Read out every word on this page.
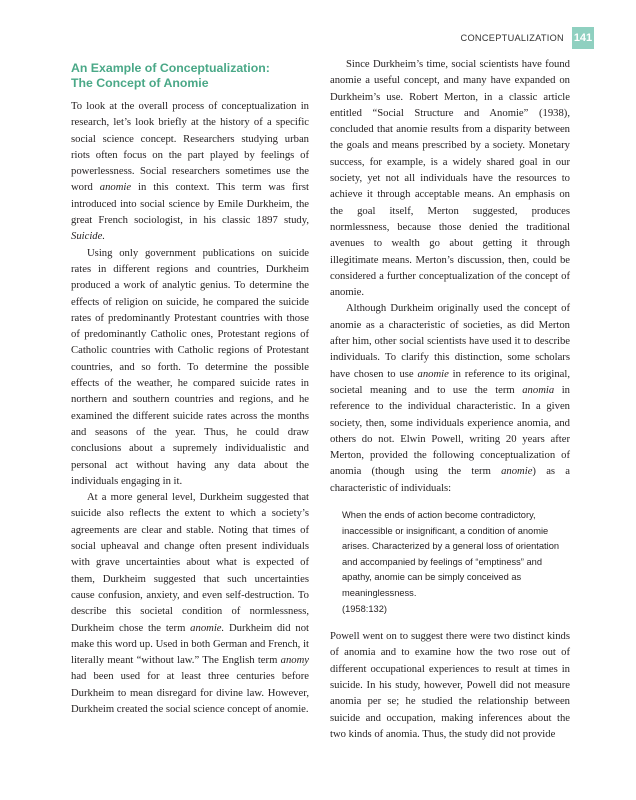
CONCEPTUALIZATION 141
An Example of Conceptualization:
The Concept of Anomie

To look at the overall process of conceptualization in research, let’s look briefly at the history of a specific social science concept. Researchers studying urban riots often focus on the part played by feelings of powerlessness. Social researchers sometimes use the word anomie in this context. This term was first introduced into social science by Emile Durkheim, the great French sociologist, in his classic 1897 study, Suicide.

Using only government publications on suicide rates in different regions and countries, Durkheim produced a work of analytic genius. To determine the effects of religion on suicide, he compared the suicide rates of predominantly Protestant countries with those of predominantly Catholic ones, Protestant regions of Catholic countries with Catholic regions of Protestant countries, and so forth. To determine the possible effects of the weather, he compared suicide rates in northern and southern countries and regions, and he examined the different suicide rates across the months and seasons of the year. Thus, he could draw conclusions about a supremely individualistic and personal act without having any data about the individuals engaging in it.

At a more general level, Durkheim suggested that suicide also reflects the extent to which a society’s agreements are clear and stable. Noting that times of social upheaval and change often present individuals with grave uncertainties about what is expected of them, Durkheim suggested that such uncertainties cause confusion, anxiety, and even self-destruction. To describe this societal condition of normlessness, Durkheim chose the term anomie. Durkheim did not make this word up. Used in both German and French, it literally meant “without law.” The English term anomy had been used for at least three centuries before Durkheim to mean disregard for divine law. However, Durkheim created the social science concept of anomie.

Since Durkheim’s time, social scientists have found anomie a useful concept, and many have expanded on Durkheim’s use. Robert Merton, in a classic article entitled “Social Structure and Anomie” (1938), concluded that anomie results from a disparity between the goals and means prescribed by a society. Monetary success, for example, is a widely shared goal in our society, yet not all individuals have the resources to achieve it through acceptable means. An emphasis on the goal itself, Merton suggested, produces normlessness, because those denied the traditional avenues to wealth go about getting it through illegitimate means. Merton’s discussion, then, could be considered a further conceptualization of the concept of anomie.

Although Durkheim originally used the concept of anomie as a characteristic of societies, as did Merton after him, other social scientists have used it to describe individuals. To clarify this distinction, some scholars have chosen to use anomie in reference to its original, societal meaning and to use the term anomia in reference to the individual characteristic. In a given society, then, some individuals experience anomia, and others do not. Elwin Powell, writing 20 years after Merton, provided the following conceptualization of anomia (though using the term anomie) as a characteristic of individuals:

When the ends of action become contradictory, inaccessible or insignificant, a condition of anomie arises. Characterized by a general loss of orientation and accompanied by feelings of “emptiness” and apathy, anomie can be simply conceived as meaninglessness.

(1958:132)

Powell went on to suggest there were two distinct kinds of anomia and to examine how the two rose out of different occupational experiences to result at times in suicide. In his study, however, Powell did not measure anomia per se; he studied the relationship between suicide and occupation, making inferences about the two kinds of anomia. Thus, the study did not provide
